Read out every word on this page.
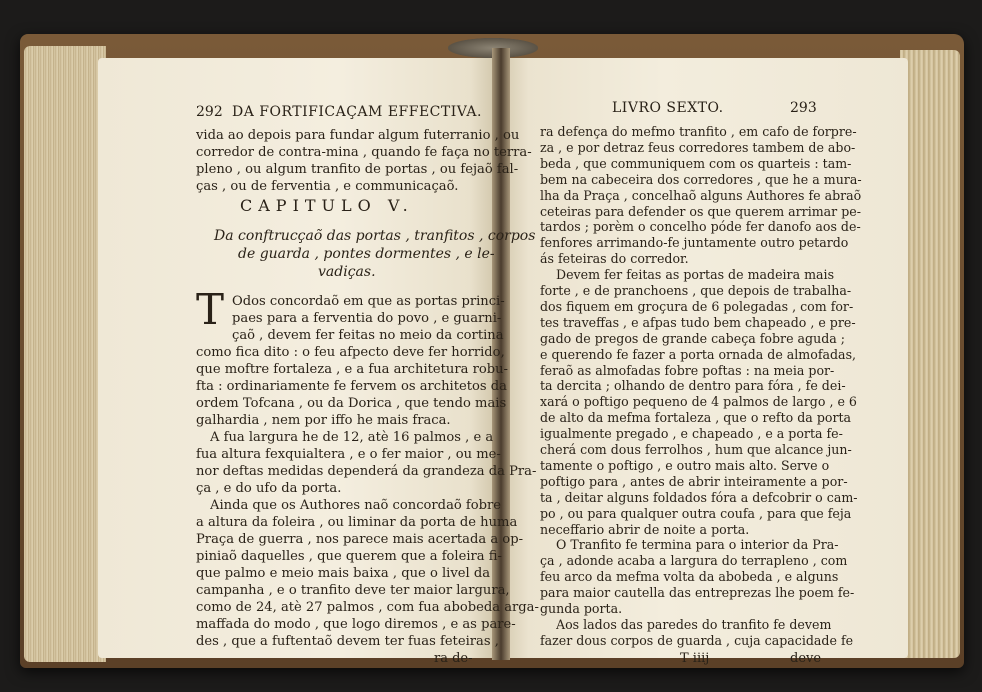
292 DA FORTIFICAÇAM EFFECTIVA.
vida ao depois para fundar algum futerranio , ou
corredor de contra-mina , quando fe faça no terra-
pleno , ou algum tranfito de portas , ou fejaõ fal-
ças , ou de ferventia , e communicaçaõ.
CAPITULO V.
Da conftrucçaõ das portas , tranfitos , corpos
de guarda , pontes dormentes , e le-
vadiças.
T Odos concordaõ em que as portas princi-
paes para a ferventia do povo , e guarni-
çaõ , devem fer feitas no meio da cortina
como fica dito : o feu afpecto deve fer horrido,
que moftre fortaleza , e a fua architetura robu-
fta : ordinariamente fe fervem os architetos da
ordem Tofcana , ou da Dorica , que tendo mais
galhardia , nem por iffo he mais fraca.
A fua largura he de 12, atè 16 palmos , e a
fua altura fexquialtera , e o fer maior , ou me-
nor deftas medidas dependerá da grandeza da Pra-
ça , e do ufo da porta.
Ainda que os Authores naõ concordaõ fobre
a altura da foleira , ou liminar da porta de huma
Praça de guerra , nos parece mais acertada a op-
piniaõ daquelles , que querem que a foleira fi-
que palmo e meio mais baixa , que o livel da
campanha , e o tranfito deve ter maior largura,
como de 24, atè 27 palmos , com fua abobeda arga-
maffada do modo , que logo diremos , e as pare-
des , que a fuftentaõ devem ter fuas feteiras ,
ra de-
LIVRO SEXTO.	293
T iiij	deve
ra defença do mefmo tranfito , em cafo de forpre-
za , e por detraz feus corredores tambem de abo-
beda , que communiquem com os quarteis : tam-
bem na cabeceira dos corredores , que he a mura-
lha da Praça , concelhaõ alguns Authores fe abraõ
ceteiras para defender os que querem arrimar pe-
tardos ; porèm o concelho póde fer danofo aos de-
fenfores arrimando-fe juntamente outro petardo
ás feteiras do corredor.
Devem fer feitas as portas de madeira mais
forte , e de pranchoens , que depois de trabalha-
dos fiquem em groçura de 6 polegadas , com for-
tes traveffas , e afpas tudo bem chapeado , e pre-
gado de pregos de grande cabeça fobre aguda ;
e querendo fe fazer a porta ornada de almofadas,
feraõ as almofadas fobre poftas : na meia por-
ta dercita ; olhando de dentro para fóra , fe dei-
xará o poftigo pequeno de 4 palmos de largo , e 6
de alto da mefma fortaleza , que o refto da porta
igualmente pregado , e chapeado , e a porta fe-
cherá com dous ferrolhos , hum que alcance jun-
tamente o poftigo , e outro mais alto. Serve o
poftigo para , antes de abrir inteiramente a por-
ta , deitar alguns foldados fóra a defcobrir o cam-
po , ou para qualquer outra coufa , para que feja
neceffario abrir de noite a porta.
O Tranfito fe termina para o interior da Pra-
ça , adonde acaba a largura do terrapleno , com
feu arco da mefma volta da abobeda , e alguns
para maior cautella das entreprezas lhe poem fe-
gunda porta.
Aos lados das paredes do tranfito fe devem
fazer dous corpos de guarda , cuja capacidade fe
